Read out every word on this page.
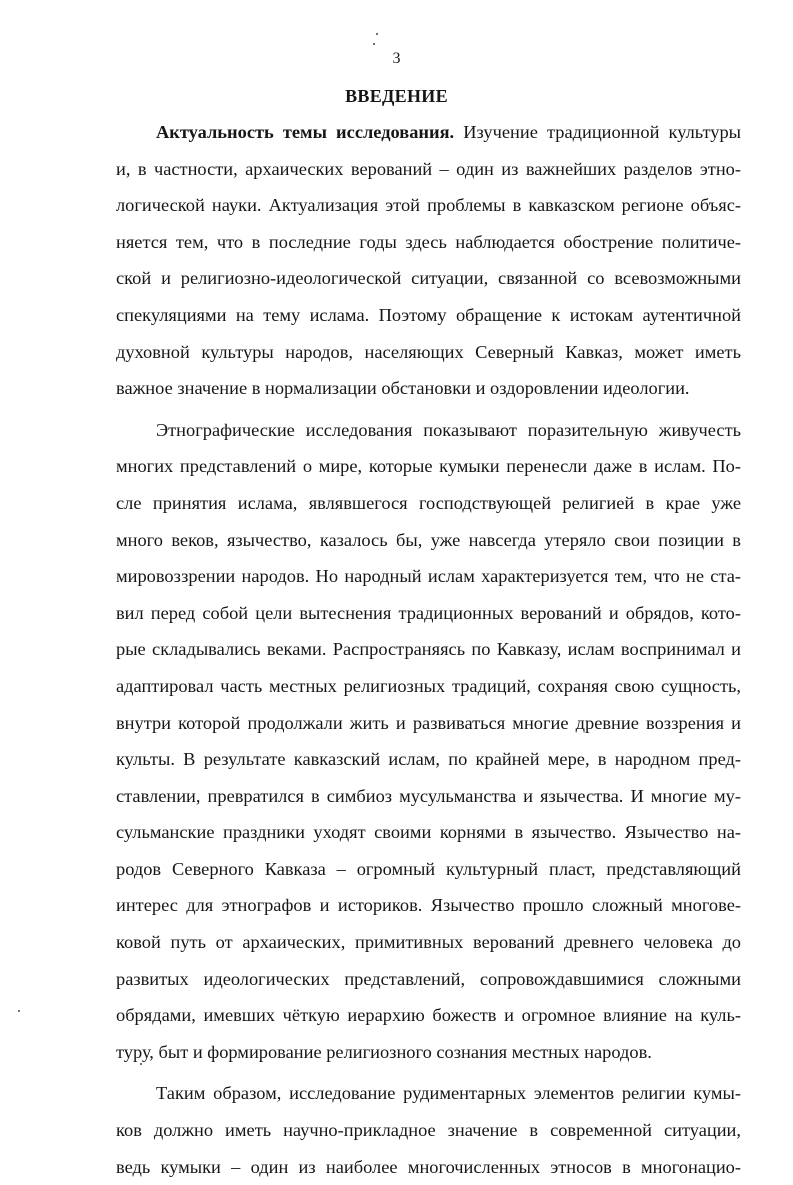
3
ВВЕДЕНИЕ
Актуальность темы исследования. Изучение традиционной культуры
и, в частности, архаических верований – один из важнейших разделов этно-
логической науки. Актуализация этой проблемы в кавказском регионе объяс-
няется тем, что в последние годы здесь наблюдается обострение политиче-
ской и религиозно-идеологической ситуации, связанной со всевозможными
спекуляциями на тему ислама. Поэтому обращение к истокам аутентичной
духовной культуры народов, населяющих Северный Кавказ, может иметь
важное значение в нормализации обстановки и оздоровлении идеологии.
Этнографические исследования показывают поразительную живучесть
многих представлений о мире, которые кумыки перенесли даже в ислам. По-
сле принятия ислама, являвшегося господствующей религией в крае уже
много веков, язычество, казалось бы, уже навсегда утеряло свои позиции в
мировоззрении народов. Но народный ислам характеризуется тем, что не ста-
вил перед собой цели вытеснения традиционных верований и обрядов, кото-
рые складывались веками. Распространяясь по Кавказу, ислам воспринимал и
адаптировал часть местных религиозных традиций, сохраняя свою сущность,
внутри которой продолжали жить и развиваться многие древние воззрения и
культы. В результате кавказский ислам, по крайней мере, в народном пред-
ставлении, превратился в симбиоз мусульманства и язычества. И многие му-
сульманские праздники уходят своими корнями в язычество. Язычество на-
родов Северного Кавказа – огромный культурный пласт, представляющий
интерес для этнографов и историков. Язычество прошло сложный многове-
ковой путь от архаических, примитивных верований древнего человека до
развитых идеологических представлений, сопровождавшимися сложными
обрядами, имевших чёткую иерархию божеств и огромное влияние на куль-
туру, быт и формирование религиозного сознания местных народов.
Таким образом, исследование рудиментарных элементов религии кумы-
ков должно иметь научно-прикладное значение в современной ситуации,
ведь кумыки – один из наиболее многочисленных этносов в многонацио-
